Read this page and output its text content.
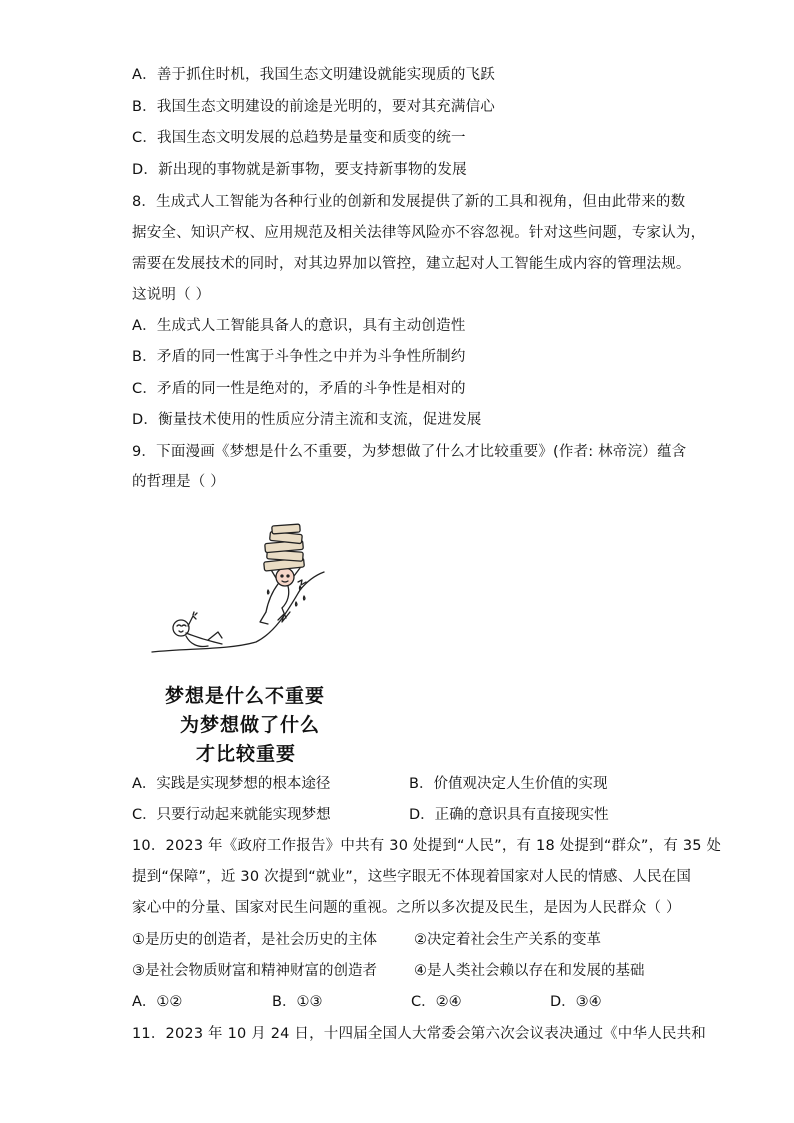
A．善于抓住时机，我国生态文明建设就能实现质的飞跃
B．我国生态文明建设的前途是光明的，要对其充满信心
C．我国生态文明发展的总趋势是量变和质变的统一
D．新出现的事物就是新事物，要支持新事物的发展
8．生成式人工智能为各种行业的创新和发展提供了新的工具和视角，但由此带来的数
据安全、知识产权、应用规范及相关法律等风险亦不容忽视。针对这些问题，专家认为，
需要在发展技术的同时，对其边界加以管控，建立起对人工智能生成内容的管理法规。
这说明（ ）
A．生成式人工智能具备人的意识，具有主动创造性
B．矛盾的同一性寓于斗争性之中并为斗争性所制约
C．矛盾的同一性是绝对的，矛盾的斗争性是相对的
D．衡量技术使用的性质应分清主流和支流，促进发展
9．下面漫画《梦想是什么不重要，为梦想做了什么才比较重要》(作者: 林帝浣）蕴含
的哲理是（ ）
梦想是什么不重要
为梦想做了什么
才比较重要
A．实践是实现梦想的根本途径	B．价值观决定人生价值的实现
C．只要行动起来就能实现梦想	D．正确的意识具有直接现实性
10．2023 年《政府工作报告》中共有 30 处提到“人民”，有 18 处提到“群众”，有 35 处
提到“保障”，近 30 次提到“就业”，这些字眼无不体现着国家对人民的情感、人民在国
家心中的分量、国家对民生问题的重视。之所以多次提及民生，是因为人民群众（ ）
①是历史的创造者，是社会历史的主体	②决定着社会生产关系的变革
③是社会物质财富和精神财富的创造者	④是人类社会赖以存在和发展的基础
A．①②	B．①③	C．②④	D．③④
11．2023 年 10 月 24 日，十四届全国人大常委会第六次会议表决通过《中华人民共和
